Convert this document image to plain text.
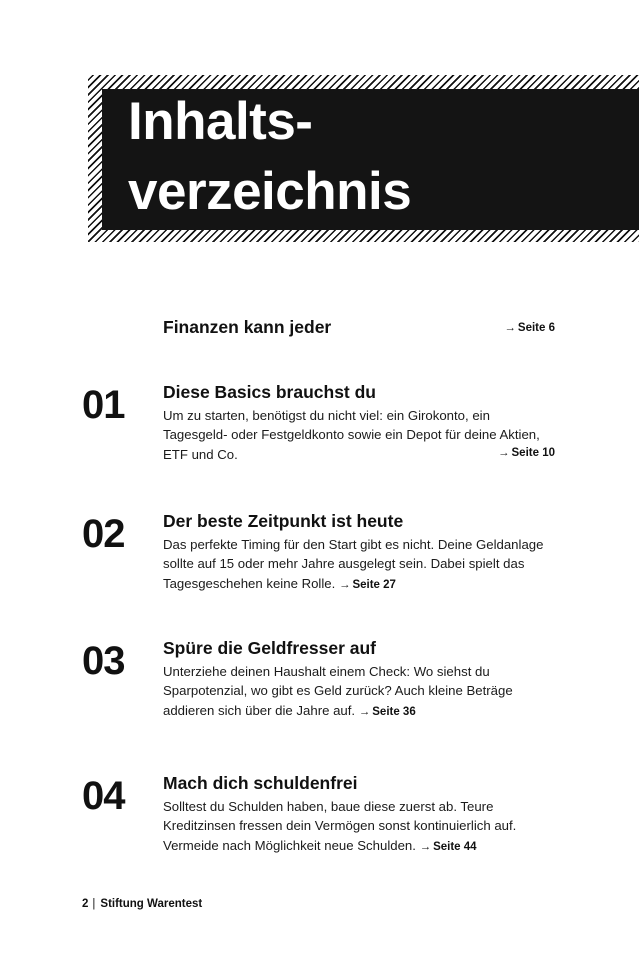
Inhalts-
verzeichnis
Finanzen kann jeder	→ Seite 6
01	Diese Basics brauchst du

Um zu starten, benötigst du nicht viel: ein Girokonto, ein Tagesgeld- oder Festgeldkonto sowie ein Depot für deine Aktien, ETF und Co.	→ Seite 10
02	Der beste Zeitpunkt ist heute

Das perfekte Timing für den Start gibt es nicht. Deine Geldanlage sollte auf 15 oder mehr Jahre ausgelegt sein. Dabei spielt das Tagesgeschehen keine Rolle. → Seite 27

03	Spüre die Geldfresser auf

Unterziehe deinen Haushalt einem Check: Wo siehst du Sparpotenzial, wo gibt es Geld zurück? Auch kleine Beträge addieren sich über die Jahre auf. → Seite 36

04	Mach dich schuldenfrei

Solltest du Schulden haben, baue diese zuerst ab. Teure Kreditzinsen fressen dein Vermögen sonst kontinuierlich auf. Vermeide nach Möglichkeit neue Schulden. → Seite 44

2 | Stiftung Warentest
